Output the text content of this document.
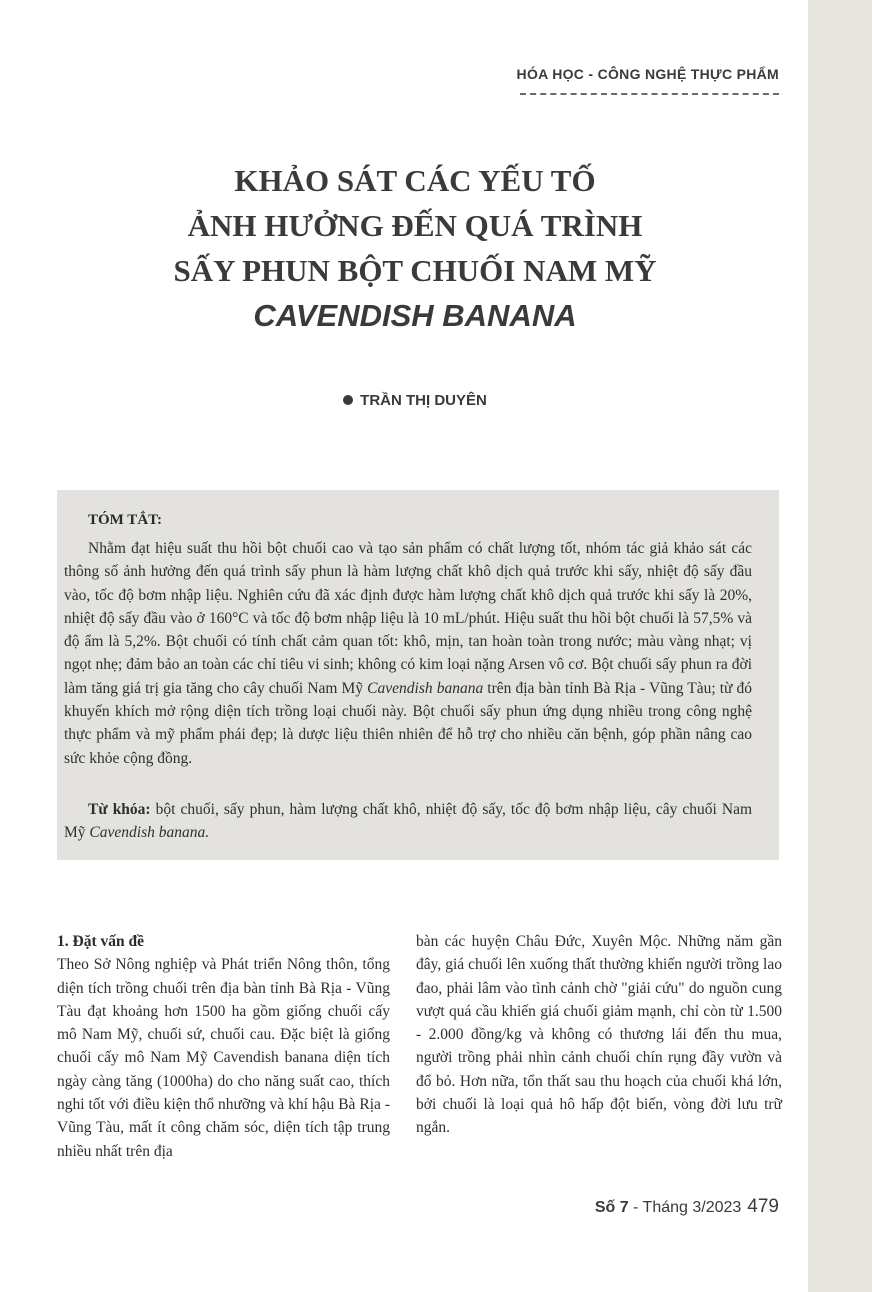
HÓA HỌC - CÔNG NGHỆ THỰC PHẨM
KHẢO SÁT CÁC YẾU TỐ
ẢNH HƯỞNG ĐẾN QUÁ TRÌNH
SẤY PHUN BỘT CHUỐI NAM MỸ
CAVENDISH BANANA
TRẦN THỊ DUYÊN
TÓM TẮT:

Nhằm đạt hiệu suất thu hồi bột chuối cao và tạo sản phẩm có chất lượng tốt, nhóm tác giả khảo sát các thông số ảnh hưởng đến quá trình sấy phun là hàm lượng chất khô dịch quả trước khi sấy, nhiệt độ sấy đầu vào, tốc độ bơm nhập liệu. Nghiên cứu đã xác định được hàm lượng chất khô dịch quả trước khi sấy là 20%, nhiệt độ sấy đầu vào ở 160°C và tốc độ bơm nhập liệu là 10 mL/phút. Hiệu suất thu hồi bột chuối là 57,5% và độ ẩm là 5,2%. Bột chuối có tính chất cảm quan tốt: khô, mịn, tan hoàn toàn trong nước; màu vàng nhạt; vị ngọt nhẹ; đảm bảo an toàn các chỉ tiêu vi sinh; không có kim loại nặng Arsen vô cơ. Bột chuối sấy phun ra đời làm tăng giá trị gia tăng cho cây chuối Nam Mỹ Cavendish banana trên địa bàn tỉnh Bà Rịa - Vũng Tàu; từ đó khuyến khích mở rộng diện tích trồng loại chuối này. Bột chuối sấy phun ứng dụng nhiều trong công nghệ thực phẩm và mỹ phẩm phái đẹp; là dược liệu thiên nhiên để hỗ trợ cho nhiều căn bệnh, góp phần nâng cao sức khỏe cộng đồng.

Từ khóa: bột chuối, sấy phun, hàm lượng chất khô, nhiệt độ sấy, tốc độ bơm nhập liệu, cây chuối Nam Mỹ Cavendish banana.

1. Đặt vấn đề

Theo Sở Nông nghiệp và Phát triển Nông thôn, tổng diện tích trồng chuối trên địa bàn tỉnh Bà Rịa - Vũng Tàu đạt khoảng hơn 1500 ha gồm giống chuối cấy mô Nam Mỹ, chuối sứ, chuối cau. Đặc biệt là giống chuối cấy mô Nam Mỹ Cavendish banana diện tích ngày càng tăng (1000ha) do cho năng suất cao, thích nghi tốt với điều kiện thổ nhưỡng và khí hậu Bà Rịa - Vũng Tàu, mất ít công chăm sóc, diện tích tập trung nhiều nhất trên địa

bàn các huyện Châu Đức, Xuyên Mộc. Những năm gần đây, giá chuối lên xuống thất thường khiến người trồng lao đao, phải lâm vào tình cảnh chờ "giải cứu" do nguồn cung vượt quá cầu khiến giá chuối giảm mạnh, chỉ còn từ 1.500 - 2.000 đồng/kg và không có thương lái đến thu mua, người trồng phải nhìn cảnh chuối chín rụng đầy vườn và đổ bỏ. Hơn nữa, tổn thất sau thu hoạch của chuối khá lớn, bởi chuối là loại quả hô hấp đột biến, vòng đời lưu trữ ngắn.

Số 7 - Tháng 3/2023 479
